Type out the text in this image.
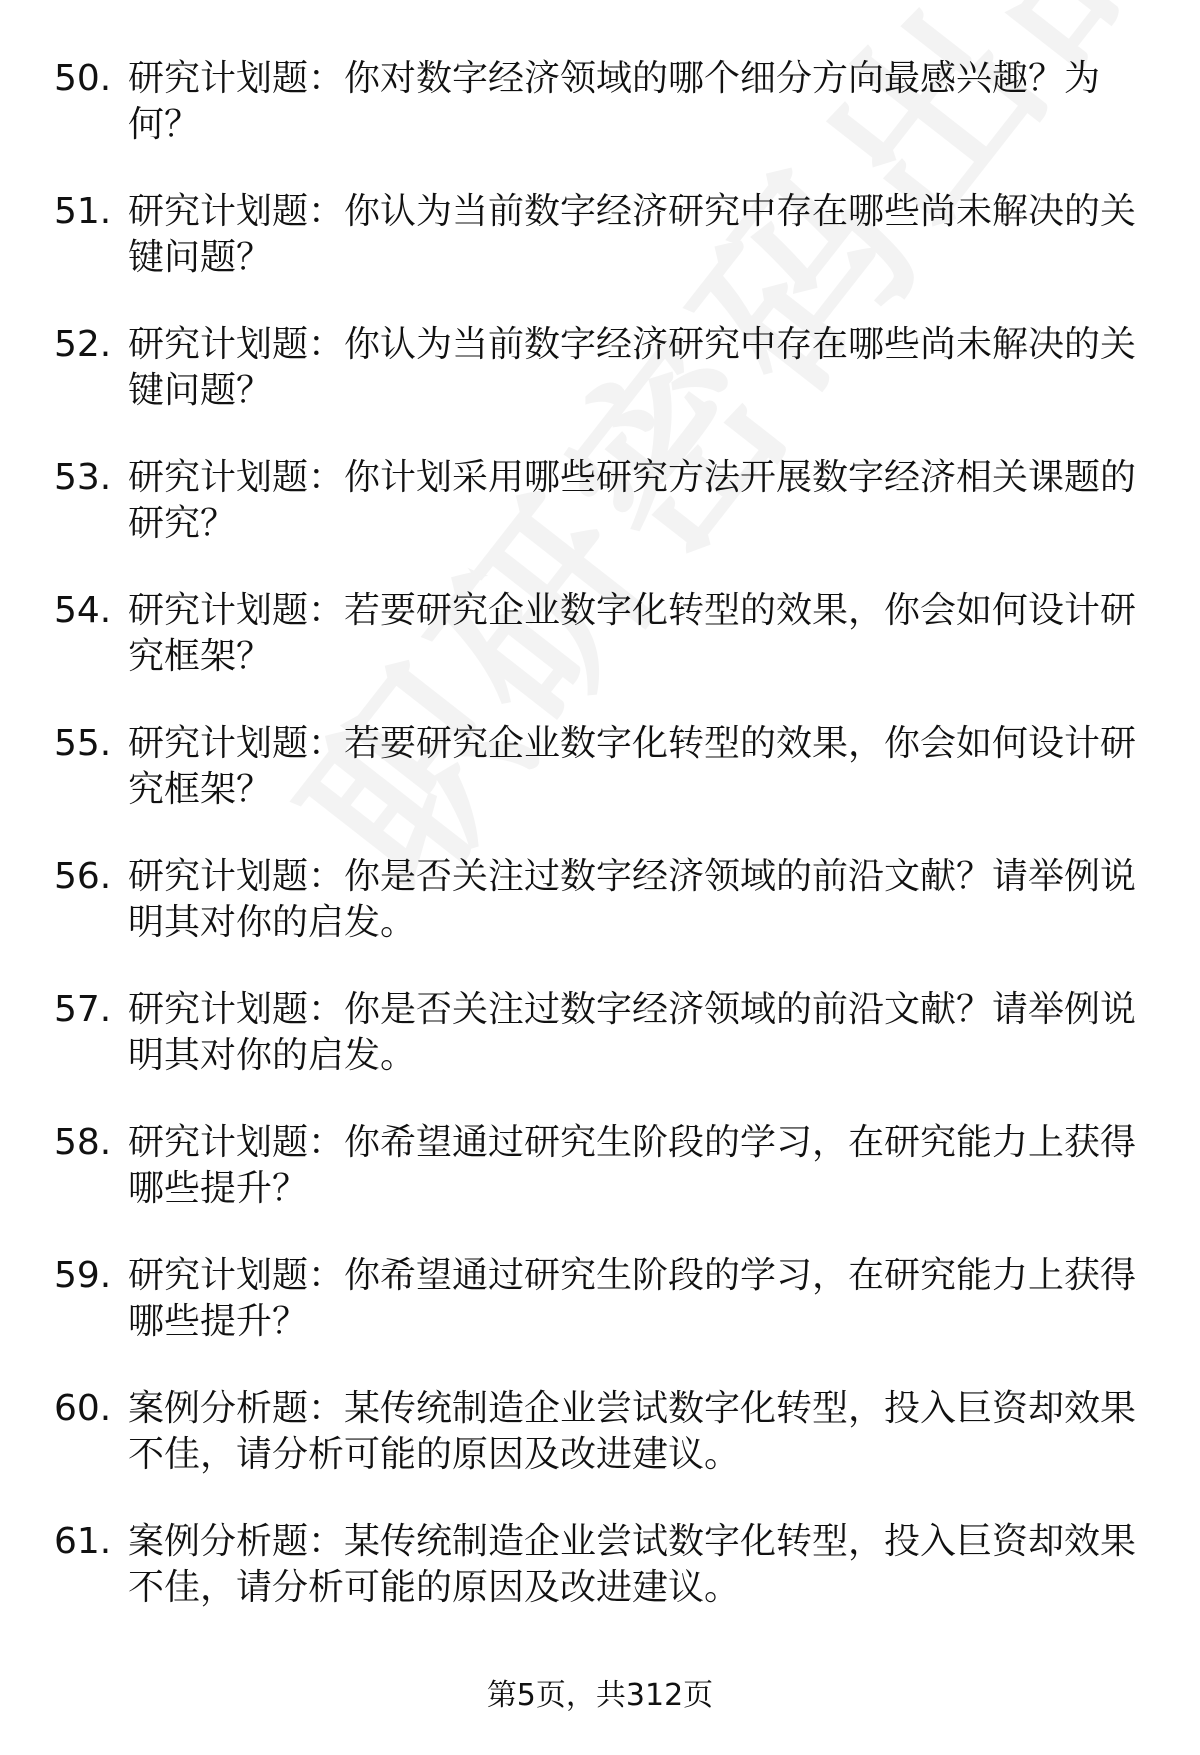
50. 研究计划题：你对数字经济领域的哪个细分方向最感兴趣？为何？
51. 研究计划题：你认为当前数字经济研究中存在哪些尚未解决的关键问题？
52. 研究计划题：你认为当前数字经济研究中存在哪些尚未解决的关键问题？
53. 研究计划题：你计划采用哪些研究方法开展数字经济相关课题的研究？
54. 研究计划题：若要研究企业数字化转型的效果，你会如何设计研究框架？
55. 研究计划题：若要研究企业数字化转型的效果，你会如何设计研究框架？
56. 研究计划题：你是否关注过数字经济领域的前沿文献？请举例说明其对你的启发。
57. 研究计划题：你是否关注过数字经济领域的前沿文献？请举例说明其对你的启发。
58. 研究计划题：你希望通过研究生阶段的学习，在研究能力上获得哪些提升？
59. 研究计划题：你希望通过研究生阶段的学习，在研究能力上获得哪些提升？
60. 案例分析题：某传统制造企业尝试数字化转型，投入巨资却效果不佳，请分析可能的原因及改进建议。
61. 案例分析题：某传统制造企业尝试数字化转型，投入巨资却效果不佳，请分析可能的原因及改进建议。
第5页，共312页
